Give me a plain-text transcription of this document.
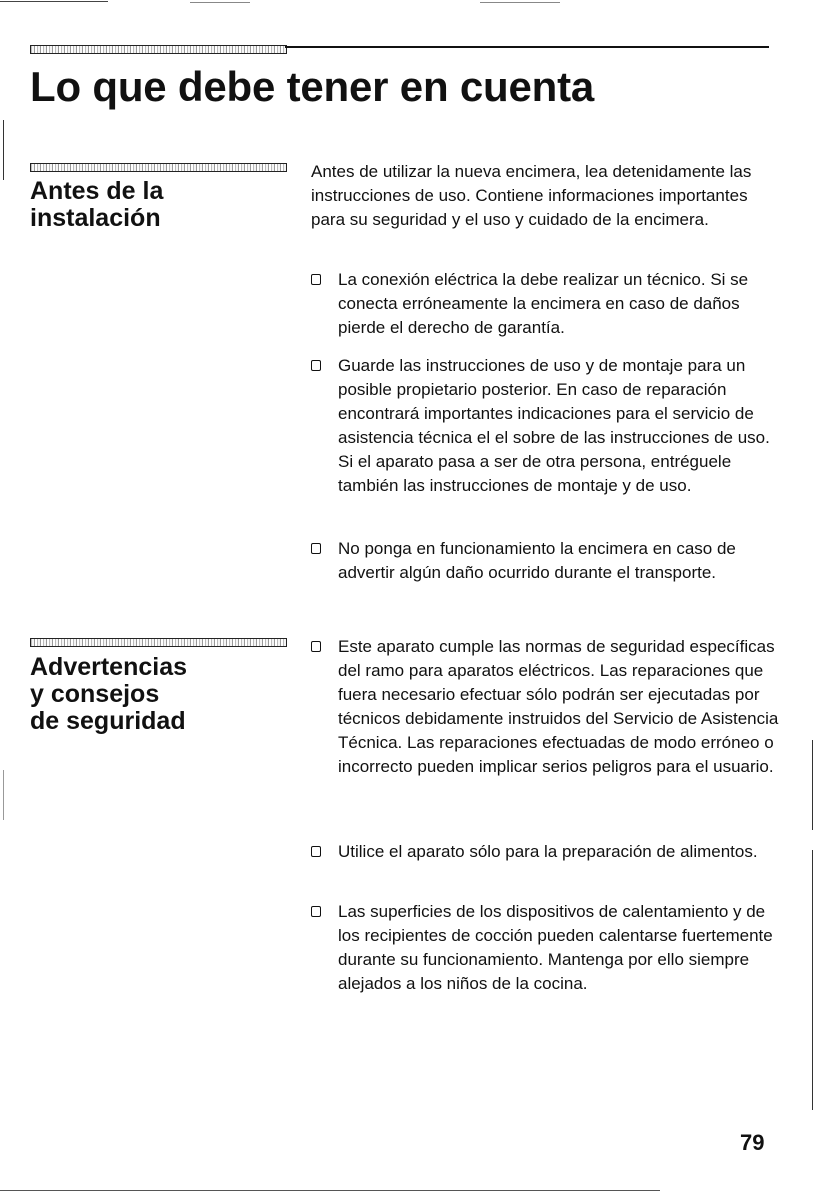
Lo que debe tener en cuenta
Antes de la
instalación

Antes de utilizar la nueva encimera, lea detenidamente las instrucciones de uso. Contiene informaciones importantes para su seguridad y el uso y cuidado de la encimera.

La conexión eléctrica la debe realizar un técnico. Si se conecta erróneamente la encimera en caso de daños pierde el derecho de garantía.

Guarde las instrucciones de uso y de montaje para un posible propietario posterior. En caso de reparación encontrará importantes indicaciones para el servicio de asistencia técnica el el sobre de las instrucciones de uso. Si el aparato pasa a ser de otra persona, entréguele también las instrucciones de montaje y de uso.

No ponga en funcionamiento la encimera en caso de advertir algún daño ocurrido durante el transporte.

Advertencias
y consejos
de seguridad

Este aparato cumple las normas de seguridad específicas del ramo para aparatos eléctricos. Las reparaciones que fuera necesario efectuar sólo podrán ser ejecutadas por técnicos debidamente instruidos del Servicio de Asistencia Técnica. Las reparaciones efectuadas de modo erróneo o incorrecto pueden implicar serios peligros para el usuario.

Utilice el aparato sólo para la preparación de alimentos.

Las superficies de los dispositivos de calentamiento y de los recipientes de cocción pueden calentarse fuertemente durante su funcionamiento. Mantenga por ello siempre alejados a los niños de la cocina.

79
